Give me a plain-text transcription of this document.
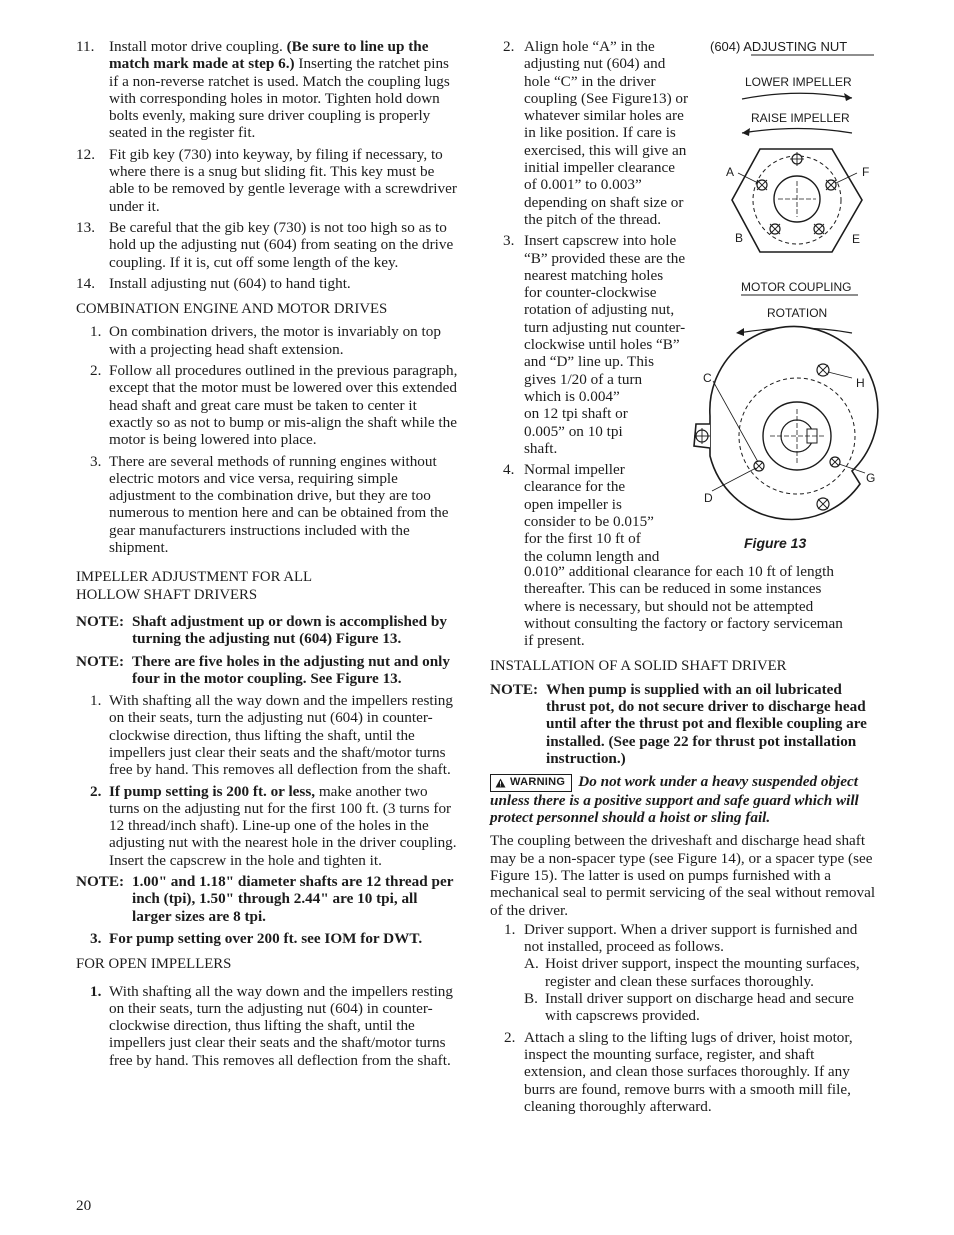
11. Install motor drive coupling. (Be sure to line up the match mark made at step 6.) Inserting the ratchet pins if a non-reverse ratchet is used. Match the coupling lugs with corresponding holes in motor. Tighten hold down bolts evenly, making sure driver coupling is properly seated in the register fit.
12. Fit gib key (730) into keyway, by filing if necessary, to where there is a snug but sliding fit. This key must be able to be removed by gentle leverage with a screwdriver under it.
13. Be careful that the gib key (730) is not too high so as to hold up the adjusting nut (604) from seating on the drive coupling. If it is, cut off some length of the key.
14. Install adjusting nut (604) to hand tight.
COMBINATION ENGINE AND MOTOR DRIVES
1. On combination drivers, the motor is invariably on top with a projecting head shaft extension.
2. Follow all procedures outlined in the previous paragraph, except that the motor must be lowered over this extended head shaft and great care must be taken to center it exactly so as not to bump or mis-align the shaft while the motor is being lowered into place.
3. There are several methods of running engines without electric motors and vice versa, requiring simple adjustment to the combination drive, but they are too numerous to mention here and can be obtained from the gear manufacturers instructions included with the shipment.
IMPELLER ADJUSTMENT FOR ALL
HOLLOW SHAFT DRIVERS
NOTE: Shaft adjustment up or down is accomplished by turning the adjusting nut (604) Figure 13.
NOTE: There are five holes in the adjusting nut and only four in the motor coupling. See Figure 13.
1. With shafting all the way down and the impellers resting on their seats, turn the adjusting nut (604) in counter-clockwise direction, thus lifting the shaft, until the impellers just clear their seats and the shaft/motor turns free by hand. This removes all deflection from the shaft.
2. If pump setting is 200 ft. or less, make another two turns on the adjusting nut for the first 100 ft. (3 turns for 12 thread/inch shaft). Line-up one of the holes in the adjusting nut with the nearest hole in the driver coupling. Insert the capscrew in the hole and tighten it.
NOTE: 1.00" and 1.18" diameter shafts are 12 thread per inch (tpi), 1.50" through 2.44" are 10 tpi, all larger sizes are 8 tpi.
3. For pump setting over 200 ft. see IOM for DWT.
FOR OPEN IMPELLERS
1. With shafting all the way down and the impellers resting on their seats, turn the adjusting nut (604) in counter-clockwise direction, thus lifting the shaft, until the impellers just clear their seats and the shaft/motor turns free by hand. This removes all deflection from the shaft.
2. Align hole “A” in the
adjusting nut (604) and
hole “C” in the driver
coupling (See Figure13) or
whatever similar holes are
in like position. If care is
exercised, this will give an
initial impeller clearance
of 0.001” to 0.003”
depending on shaft size or
the pitch of the thread.
3. Insert capscrew into hole
“B” provided these are the
nearest matching holes
for counter-clockwise
rotation of adjusting nut,
turn adjusting nut counter-
clockwise until holes “B”
and “D” line up. This
gives 1/20 of a turn
which is 0.004”
on 12 tpi shaft or
0.005” on 10 tpi
shaft.
4. Normal impeller
clearance for the
open impeller is
consider to be 0.015”
for the first 10 ft of
the column length and
0.010” additional clearance for each 10 ft of length
thereafter. This can be reduced in some instances
where is necessary, but should not be attempted
without consulting the factory or factory serviceman
if present.
INSTALLATION OF A SOLID SHAFT DRIVER
NOTE: When pump is supplied with an oil lubricated thrust pot, do not secure driver to discharge head until after the thrust pot and flexible coupling are installed. (See page 22 for thrust pot installation instruction.)
WARNING Do not work under a heavy suspended object unless there is a positive support and safe guard which will protect personnel should a hoist or sling fail.
The coupling between the driveshaft and discharge head shaft may be a non-spacer type (see Figure 14), or a spacer type (see Figure 15). The latter is used on pumps furnished with a mechanical seal to permit servicing of the seal without removal of the driver.
1. Driver support. When a driver support is furnished and not installed, proceed as follows.
A. Hoist driver support, inspect the mounting surfaces, register and clean these surfaces thoroughly.
B. Install driver support on discharge head and secure with capscrews provided.
2. Attach a sling to the lifting lugs of driver, hoist motor, inspect the mounting surface, register, and shaft extension, and clean those surfaces thoroughly. If any burrs are found, remove burrs with a smooth mill file, cleaning thoroughly afterward.
(604) ADJUSTING NUT
LOWER IMPELLER
RAISE IMPELLER
A	F
B	E
MOTOR COUPLING
ROTATION
C	H
D
G
Figure 13
20
